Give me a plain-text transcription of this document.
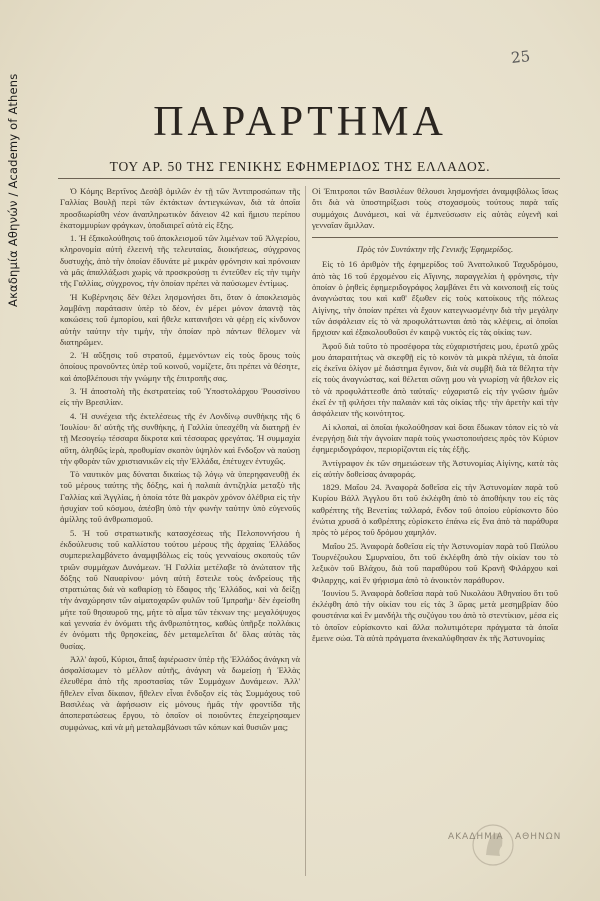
Ακαδημία Αθηνών / Academy of Athens
25
ΠΑΡΑΡΤΗΜΑ
ΤΟΥ ΑΡ. 50 ΤΗΣ ΓΕΝΙΚΗΣ ΕΦΗΜΕΡΙΔΟΣ ΤΗΣ ΕΛΛΑΔΟΣ.

Ὁ Κόμης Βερτῖνος Δεσὰβ ὁμιλῶν ἐν τῇ τῶν Ἀντιπροσώπων τῆς Γαλλίας Βουλῇ περὶ τῶν ἐκτάκτων ἀντιεγκώνων, διὰ τὰ ὁποῖα προσδιωρίσθη νέον ἀναπληρωτικὸν δάνειον 42 καὶ ἥμισυ περίπου ἑκατομμυρίων φράγκων, ὑποδιαιρεῖ αὐτὰ εἰς ἔξης.

1. Ἡ ἐξακολούθησις τοῦ ἀποκλεισμοῦ τῶν λιμένων τοῦ Ἀλγερίου, κληρονομία αὐτὴ ἐλεεινὴ τῆς τελευταίας, διοικήσεως, σύγχρονος δυστυχὴς, ἀπὸ τὴν ὁποίαν ἐδυνάτε μὲ μικρὰν φρόνησιν καὶ πρόνοιαν νὰ μᾶς ἀπαλλάξωσι χωρὶς νὰ προσκρούσῃ τι ἐντεῦθεν εἰς τὴν τιμὴν τῆς Γαλλίας, σύγχρονος, τὴν ὁποίαν πρέπει νὰ παύσωμεν ἐντίμως.

Ἡ Κυβέρνησις δὲν θέλει λησμονήσει ὅτι, ὅταν ὁ ἀποκλεισμὸς λαμβάνῃ παράτασιν ὑπὲρ τὸ δέον, ἐν μέρει μόνον ἀπαντᾷ τὰς κακώσεις τοῦ ἐμπορίου, καὶ ἤθελε κατανιῆσει νὰ φέρῃ εἰς κίνδυνον αὐτὴν ταύτην τὴν τιμὴν, τὴν ὁποίαν πρὸ πάντων θέλομεν νὰ διατηρῶμεν.

2. Ἡ αὔξησις τοῦ στρατοῦ, ἐμμενόντων εἰς τοὺς ὅρους τοὺς ὁποίους προνοῦντες ὑπὲρ τοῦ κοινοῦ, νομίζετε, ὅτι πρέπει νὰ θέσητε, καὶ ἀποβλέπουσι τὴν γνώμην τῆς ἐπιτροπῆς σας.

3. Ἡ ἀποστολὴ τῆς ἐκστρατείας τοῦ Ὑποστολάρχου Ῥουσσὶνου εἰς τὴν Βρεσιλίαν.

4. Ἡ συνέχεια τῆς ἐκτελέσεως τῆς ἐν Λονδίνῳ συνθήκης τῆς 6 Ἰουλίου· δι' αὐτῆς τῆς συνθήκης, ἡ Γαλλία ὑπεσχέθη νὰ διατηρῇ ἐν τῇ Μεσογείῳ τέσσαρα δίκροτα καὶ τέσσαρας φρεγάτας. Ἡ συμμαχία αὕτη, ἀληθῶς ἱερὰ, προθυμίαν σκοπὸν ὑψηλὸν καὶ ἔνδοξον νὰ παύσῃ τὴν φθορὰν τῶν χριστιανικῶν εἰς τὴν Ἑλλάδα, ἐπέτυχεν ἐντυχῶς.

Τὸ ναυτικὸν μας δύναται δικαίως τῷ λόγῳ νὰ ὑπερηφανευθῇ ἐκ τοῦ μέρους ταύτης τῆς δόξης, καὶ ἡ παλαιὰ ἀντιζηλία μεταξὺ τῆς Γαλλίας καὶ Ἀγγλίας, ἡ ὁποία τότε θὰ μακρὸν χρόνον ὀλέθρια εἰς τὴν ἡσυχίαν τοῦ κόσμου, ἀπέσβη ὑπὸ τὴν φωνὴν ταύτην ὑπὸ εὐγενοῦς ἁμίλλης τοῦ ἀνθρωπισμοῦ.

5. Ἡ τοῦ στρατιωτικῆς κατασχέσεως τῆς Πελοποννήσου ἡ ἐκδούλευσις τοῦ καλλίστου τούτου μέρους τῆς ἀρχαίας Ἑλλάδος συμπεριελαμβάνετο ἀναμφιβόλως εἰς τοὺς γενναίους σκοποὺς τῶν τριῶν συμμάχων Δυνάμεων. Ἡ Γαλλία μετέλαβε τὸ ἀνώτατον τῆς δόξης τοῦ Ναυαρίνου· μόνη αὐτὴ ἔστειλε τοὺς ἀνδρείους τῆς στρατιώτας διὰ νὰ καθαρίσῃ τὸ ἔδαφος τῆς Ἑλλάδος, καὶ νὰ δείξῃ τὴν ἀναχώρησιν τῶν αἱματοχαρῶν φυλῶν τοῦ Ἰμπραῆμ· δὲν ἐφείσθη μήτε τοῦ θησαυροῦ της, μήτε τὸ αἷμα τῶν τέκνων της· μεγαλόψυχος καὶ γενναία ἐν ὀνόματι τῆς ἀνθρωπότητος, καθὼς ὑπῆρξε πολλάκις ἐν ὀνόματι τῆς θρησκείας, δὲν μεταμελεῖται δι' ὅλας αὐτὰς τὰς θυσίας.

Ἀλλ' ἀφοῦ, Κύριοι, ἅπαξ ἀφιέρωσεν ὑπὲρ τῆς Ἑλλάδος ἀνάγκη νὰ ἀσφαλίσωμεν τὸ μέλλον αὐτῆς, ἀνάγκη νὰ δωμείσῃ ἡ Ἑλλὰς ἐλευθέρα ἀπὸ τῆς προστασίας τῶν Συμμάχων Δυνάμεων. Ἀλλ' ἤθελεν εἶναι δίκαιον, ἤθελεν εἶναι ἔνδοξον εἰς τὰς Συμμάχους τοῦ Βασιλέως νὰ ἀφήσωσιν εἰς μόνους ἡμᾶς τὴν φροντίδα τῆς ἀποπερατώσεως ἔργου, τὸ ὁποῖον οἱ ποιοῦντες ἐπεχείρησαμεν συμφώνως, καὶ νὰ μὴ μεταλαμβάνωσι τῶν κόπων καὶ θυσιῶν μας;

Οἱ Ἐπιτροποι τῶν Βασιλέων θέλουσι λησμονήσει ἀναμφιβόλως ἴσως ὅτι διὰ νὰ ὑποστηρίξωσι τοὺς στοχασμοὺς τούτους παρὰ ταῖς συμμάχοις Δυνάμεσι, καὶ νὰ ἐμπνεύσωσιν εἰς αὐτὰς εὐγενῆ καὶ γενναῖαν ἅμιλλαν.

Πρὸς τὸν Συντάκτην τῆς Γενικῆς Ἐφημερίδος.

Εἰς τὸ 16 ἀριθμὸν τῆς ἐφημερίδος τοῦ Ἀνατολικοῦ Ταχυδρόμου, ἀπὸ τὰς 16 τοῦ ἐρχομένου εἰς Αἴγινης, παραγγελίαι ἡ φρόνησις, τὴν ὁποίαν ὁ ῥηθεὶς ἐφημεριδογράφος λαμβάνει ἔτι νὰ κοινοποιῇ εἰς τοὺς ἀναγνώστας του καὶ καθ' ἔξωθεν εἰς τοὺς κατοίκους τῆς πόλεως Αἰγίνης, τὴν ὁποίαν πρέπει νὰ ἔχουν κατεγνωσμένην διὰ τὴν μεγάλην τῶν ἀσφάλειαν εἰς τὸ νὰ προφυλάττωνται ἀπὸ τὰς κλέψεις, αἱ ὁποῖαι ἤρχισαν καὶ ἐξακολουθοῦσι ἐν καιρῷ νυκτὸς εἰς τὰς οἰκίας των.

Ἀφοῦ διὰ τοῦτο τὸ προσέφορα τὰς εὐχαριστήσεις μου, ἐρωτῶ χρῶς μου ἀπαραιτήτως νὰ σκεφθῇ εἰς τὸ κοινὸν τὰ μικρὰ πλέγια, τὰ ὁποῖα εἰς ἐκεῖνα ὀλίγον μὲ διάστημα ἔγινον, διὰ νὰ συμβῆ διὰ τὰ θέλητα τὴν εἰς τοὺς ἀναγνώστας, καὶ θέλεται σῶνῃ μου νὰ γνωρίσῃ νὰ ἤθελον εἰς τὸ νὰ προφυλάττεσθε ἀπὸ ταὐταῖς· εὐχαριστῶ εἰς τὴν γνῶσιν ἡμῶν ἐκεῖ ἐν τῇ φιλήσει τὴν παλαιὰν καὶ τὰς οἰκίας τῆς· τὴν ἀρετὴν καὶ τὴν ἀσφάλειαν τῆς κοινότητος.

Αἱ κλοπαὶ, αἱ ὁποῖαι ἠκολούθησαν καὶ ὅσαι ἔδωκαν τόπον εἰς τὸ νὰ ἐνεργήσῃ διὰ τὴν ἀγνοίαν παρὰ τοὺς γνωστοποιήσεις πρὸς τὸν Κύριον ἐφημεριδογράφον, περιορίζονται εἰς τὰς ἑξῆς.

Ἀντίγραφον ἐκ τῶν σημειώσεων τῆς Ἀστυνομίας Αἰγίνης, κατὰ τὰς εἰς αὐτὴν δοθείσας ἀναφοράς.

1829. Μαΐου 24. Ἀναφορὰ δοθεῖσα εἰς τὴν Ἀστυνομίαν παρὰ τοῦ Κυρίου Βάλλ Ἀγγλου ὅτι τοῦ ἐκλέφθη ἀπὸ τὸ ἀποθήκην του εἰς τὰς καθρέπτης τῆς Βενετίας ταλλαρά, ἔνδον τοῦ ὁποίου εὑρίσκοντο δύο ἐνώτια χρυσᾶ ὁ καθρέπτης εὑρίσκετο ἐπάνω εἰς ἕνα ἀπὸ τὰ παράθυρα πρὸς τὸ μέρος τοῦ δρόμου χαμηλόν.

Μαΐου 25. Ἀναφορὰ δοθεῖσα εἰς τὴν Ἀστυνομίαν παρὰ τοῦ Παύλου Τουρνέζουλου Σμυρναίου, ὅτι τοῦ ἐκλέφθη ἀπὸ τὴν οἰκίαν του τὸ λεξικὸν τοῦ Βλάχου, διὰ τοῦ παραθύρου τοῦ Κρανῆ Φιλάρχου καὶ Φιλαρχης, καὶ ἓν ψήφισμα ἀπὸ τὸ ἀνοικτὸν παράθυρον.

Ἰουνίου 5. Ἀναφορὰ δοθεῖσα παρὰ τοῦ Νικολάου Ἀθηναίου ὅτι τοῦ ἐκλέφθη ἀπὸ τὴν οἰκίαν του εἰς τὰς 3 ὥρας μετὰ μεσημβρίαν δύο φουστάνια καὶ ἓν μανδήλι τῆς συζύγου του ἀπὸ τὸ στεντίκιον, μέσα εἰς τὸ ὁποῖον εὑρίσκοντο καὶ ἄλλα πολυτιμότερα πράγματα τὰ ὁποῖα ἔμεινε σώα. Τὰ αὐτὰ πράγματα ἀνεκαλύφθησαν ἐκ τῆς Ἀστυνομίας

ΑΚΑΔΗΜΙΑ ΑΘΗΝΩΝ
